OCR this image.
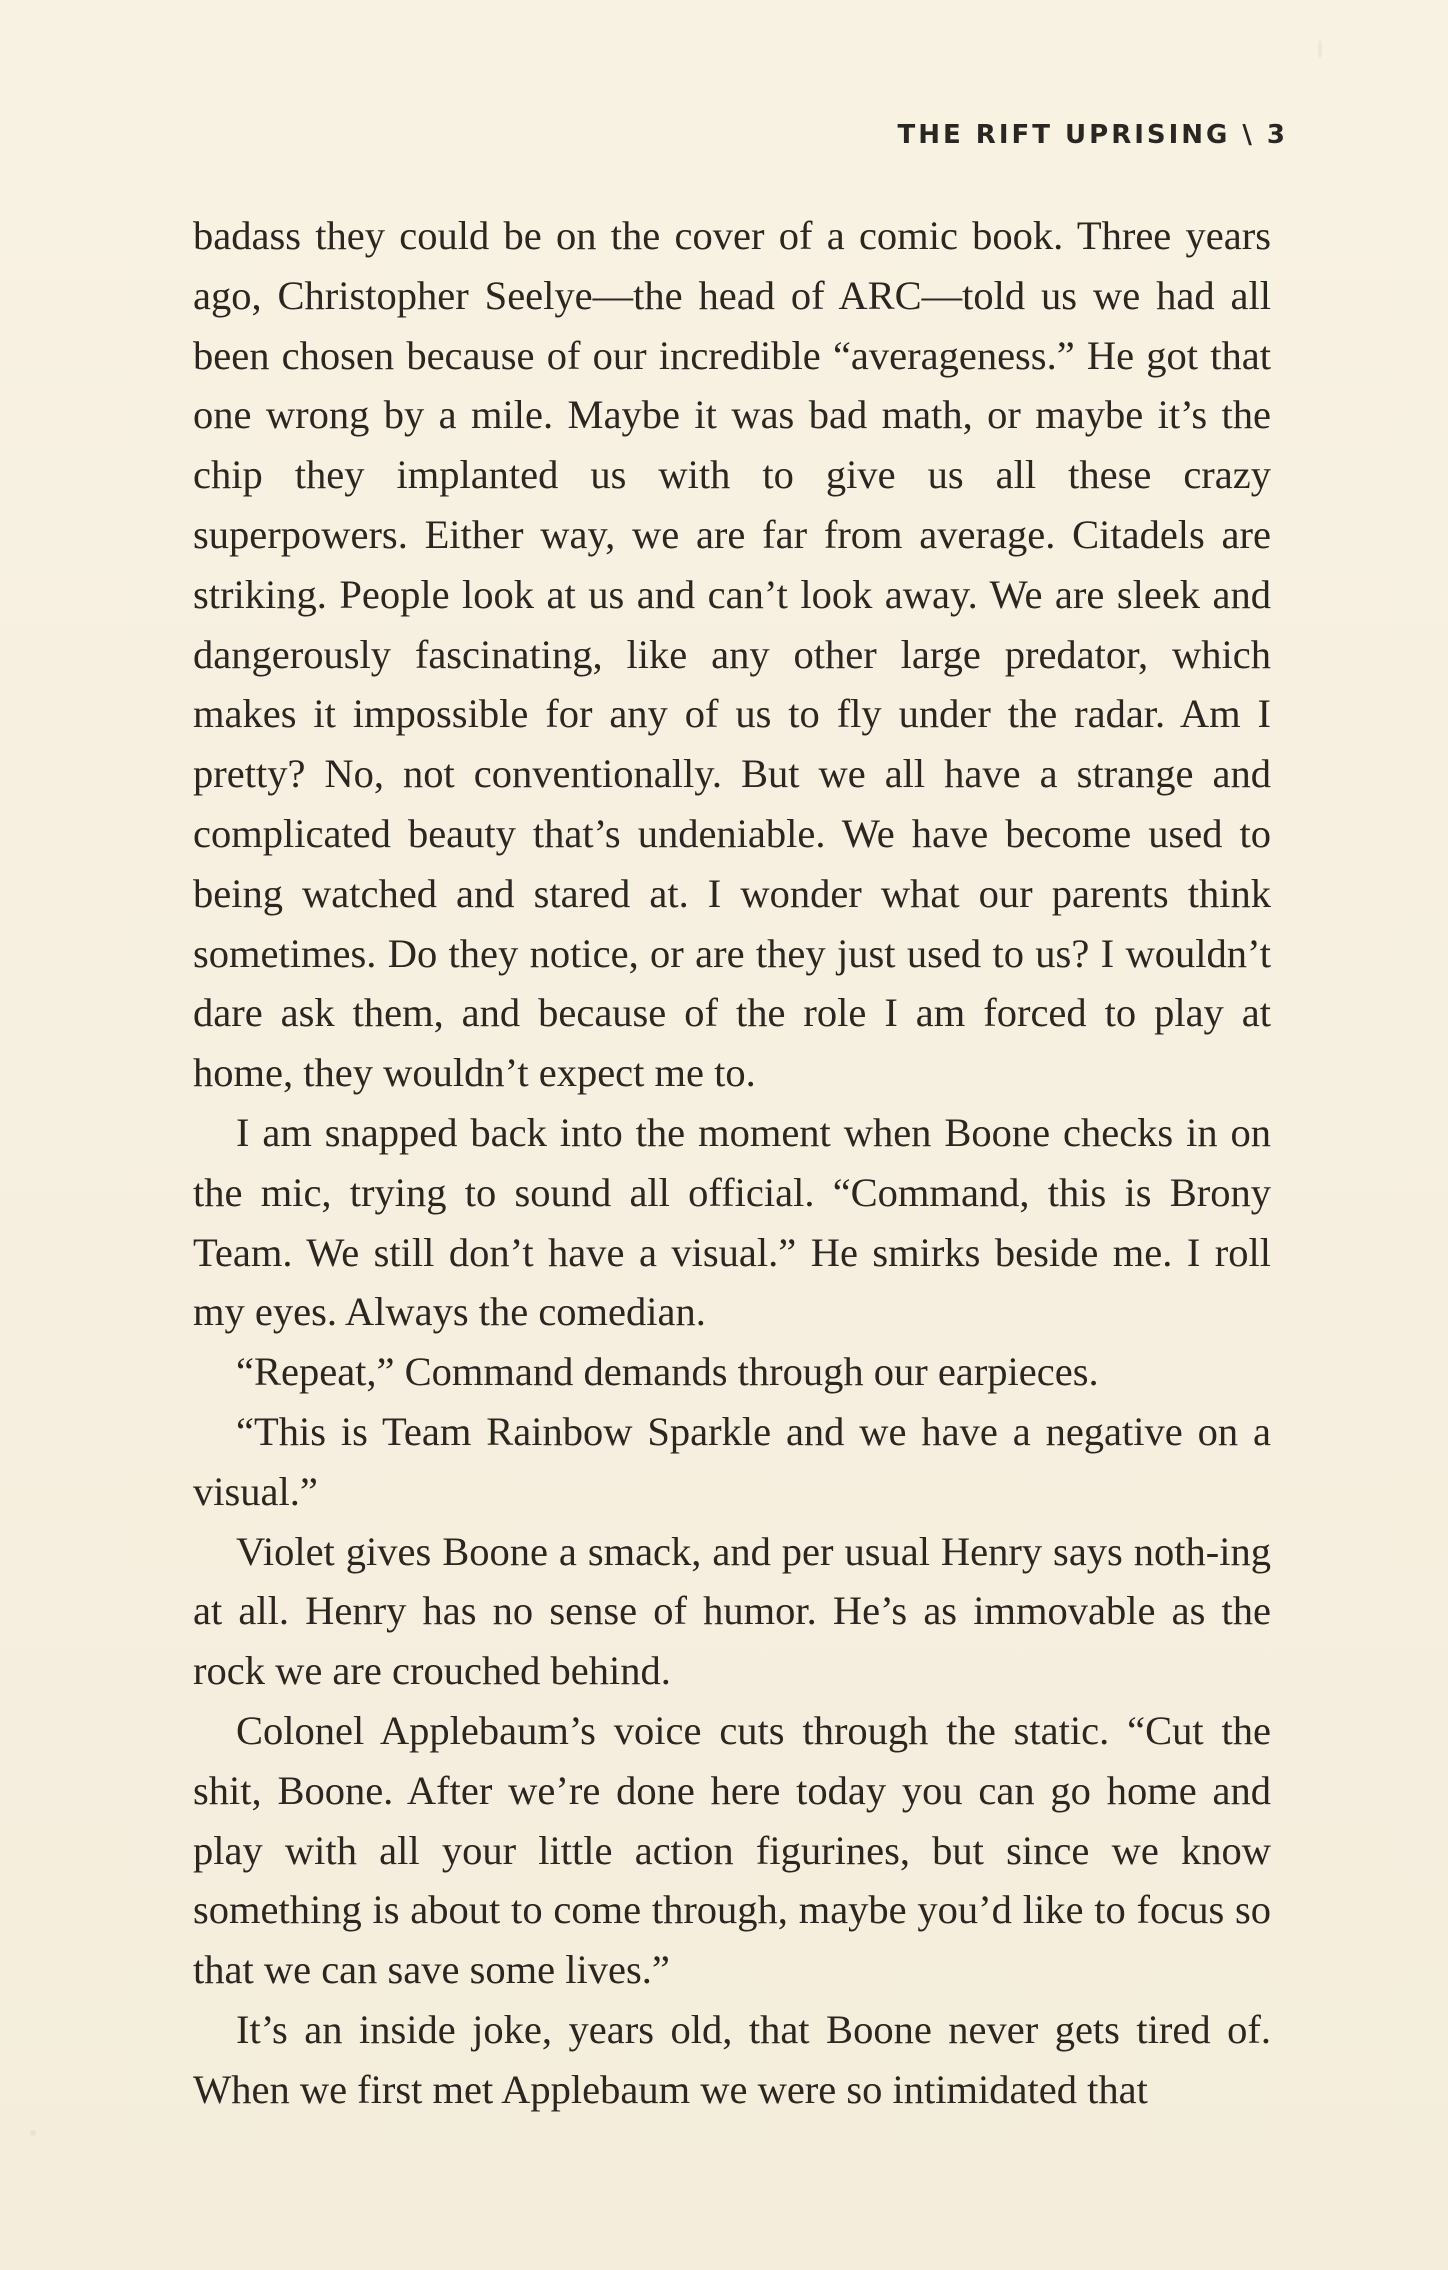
THE RIFT UPRISING \ 3

badass they could be on the cover of a comic book. Three years ago, Christopher Seelye—the head of ARC—told us we had all been chosen because of our incredible “averageness.” He got that one wrong by a mile. Maybe it was bad math, or maybe it’s the chip they implanted us with to give us all these crazy superpowers. Either way, we are far from average. Citadels are striking. People look at us and can’t look away. We are sleek and dangerously fascinating, like any other large predator, which makes it impossible for any of us to fly under the radar. Am I pretty? No, not conventionally. But we all have a strange and complicated beauty that’s undeniable. We have become used to being watched and stared at. I wonder what our parents think sometimes. Do they notice, or are they just used to us? I wouldn’t dare ask them, and because of the role I am forced to play at home, they wouldn’t expect me to.

I am snapped back into the moment when Boone checks in on the mic, trying to sound all official. “Command, this is Brony Team. We still don’t have a visual.” He smirks beside me. I roll my eyes. Always the comedian.

“Repeat,” Command demands through our earpieces.

“This is Team Rainbow Sparkle and we have a negative on a visual.”

Violet gives Boone a smack, and per usual Henry says noth-ing at all. Henry has no sense of humor. He’s as immovable as the rock we are crouched behind.

Colonel Applebaum’s voice cuts through the static. “Cut the shit, Boone. After we’re done here today you can go home and play with all your little action figurines, but since we know something is about to come through, maybe you’d like to focus so that we can save some lives.”

It’s an inside joke, years old, that Boone never gets tired of. When we first met Applebaum we were so intimidated that
